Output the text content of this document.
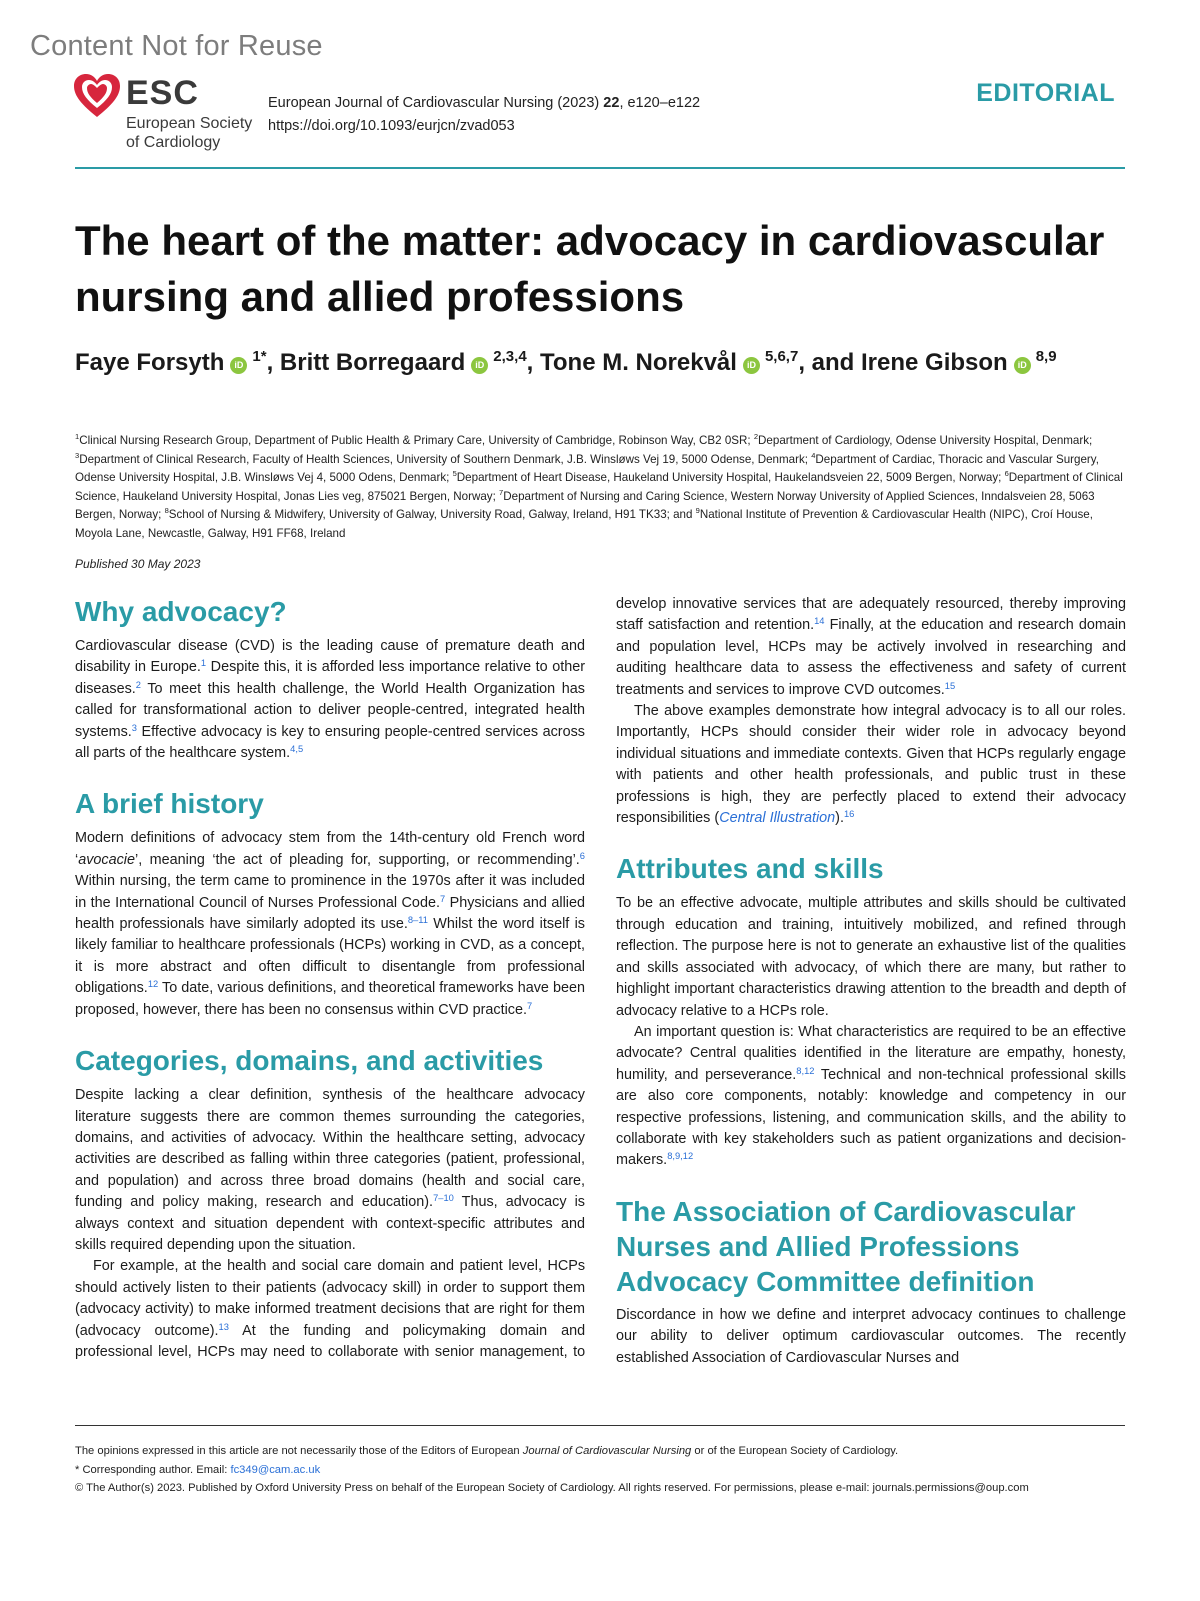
Content Not for Reuse
ESC
European Society
of Cardiology
European Journal of Cardiovascular Nursing (2023) 22, e120–e122
https://doi.org/10.1093/eurjcn/zvad053
EDITORIAL
The heart of the matter: advocacy in cardiovascular nursing and allied professions
Faye Forsyth iD $^{1*}$, Britt Borregaard iD $^{2,3,4}$, Tone M. Norekvål iD $^{5,6,7}$, and Irene Gibson iD $^{8,9}$

$^1$Clinical Nursing Research Group, Department of Public Health & Primary Care, University of Cambridge, Robinson Way, CB2 0SR; $^2$Department of Cardiology, Odense University Hospital, Denmark; $^3$Department of Clinical Research, Faculty of Health Sciences, University of Southern Denmark, J.B. Winsløws Vej 19, 5000 Odense, Denmark; $^4$Department of Cardiac, Thoracic and Vascular Surgery, Odense University Hospital, J.B. Winsløws Vej 4, 5000 Odens, Denmark; $^5$Department of Heart Disease, Haukeland University Hospital, Haukelandsveien 22, 5009 Bergen, Norway; $^6$Department of Clinical Science, Haukeland University Hospital, Jonas Lies veg, 875021 Bergen, Norway; $^7$Department of Nursing and Caring Science, Western Norway University of Applied Sciences, Inndalsveien 28, 5063 Bergen, Norway; $^8$School of Nursing & Midwifery, University of Galway, University Road, Galway, Ireland, H91 TK33; and $^9$National Institute of Prevention & Cardiovascular Health (NIPC), Croí House, Moyola Lane, Newcastle, Galway, H91 FF68, Ireland

Published 30 May 2023
Why advocacy?

Cardiovascular disease (CVD) is the leading cause of premature death and disability in Europe.$^1$ Despite this, it is afforded less importance relative to other diseases.$^2$ To meet this health challenge, the World Health Organization has called for transformational action to deliver people-centred, integrated health systems.$^3$ Effective advocacy is key to ensuring people-centred services across all parts of the healthcare system.$^{4,5}$

A brief history

Modern definitions of advocacy stem from the 14th-century old French word ‘avocacie’, meaning ‘the act of pleading for, supporting, or recommending’.$^6$ Within nursing, the term came to prominence in the 1970s after it was included in the International Council of Nurses Professional Code.$^7$ Physicians and allied health professionals have similarly adopted its use.$^{8-11}$ Whilst the word itself is likely familiar to healthcare professionals (HCPs) working in CVD, as a concept, it is more abstract and often difficult to disentangle from professional obligations.$^{12}$ To date, various definitions, and theoretical frameworks have been proposed, however, there has been no consensus within CVD practice.$^7$

Categories, domains, and activities

Despite lacking a clear definition, synthesis of the healthcare advocacy literature suggests there are common themes surrounding the categories, domains, and activities of advocacy. Within the healthcare setting, advocacy activities are described as falling within three categories (patient, professional, and population) and across three broad domains (health and social care, funding and policy making, research and education).$^{7-10}$ Thus, advocacy is always context and situation dependent with context-specific attributes and skills required depending upon the situation.

For example, at the health and social care domain and patient level, HCPs should actively listen to their patients (advocacy skill) in order to support them (advocacy activity) to make informed treatment decisions that are right for them (advocacy outcome).$^{13}$ At the funding and policymaking domain and professional level, HCPs may need to collaborate with senior management, to

develop innovative services that are adequately resourced, thereby improving staff satisfaction and retention.$^{14}$ Finally, at the education and research domain and population level, HCPs may be actively involved in researching and auditing healthcare data to assess the effectiveness and safety of current treatments and services to improve CVD outcomes.$^{15}$

The above examples demonstrate how integral advocacy is to all our roles. Importantly, HCPs should consider their wider role in advocacy beyond individual situations and immediate contexts. Given that HCPs regularly engage with patients and other health professionals, and public trust in these professions is high, they are perfectly placed to extend their advocacy responsibilities (Central Illustration).$^{16}$

Attributes and skills

To be an effective advocate, multiple attributes and skills should be cultivated through education and training, intuitively mobilized, and refined through reflection. The purpose here is not to generate an exhaustive list of the qualities and skills associated with advocacy, of which there are many, but rather to highlight important characteristics drawing attention to the breadth and depth of advocacy relative to a HCPs role.

An important question is: What characteristics are required to be an effective advocate? Central qualities identified in the literature are empathy, honesty, humility, and perseverance.$^{8,12}$ Technical and non-technical professional skills are also core components, notably: knowledge and competency in our respective professions, listening, and communication skills, and the ability to collaborate with key stakeholders such as patient organizations and decision-makers.$^{8,9,12}$

The Association of Cardiovascular Nurses and Allied Professions Advocacy Committee definition

Discordance in how we define and interpret advocacy continues to challenge our ability to deliver optimum cardiovascular outcomes. The recently established Association of Cardiovascular Nurses and

The opinions expressed in this article are not necessarily those of the Editors of European Journal of Cardiovascular Nursing or of the European Society of Cardiology.
* Corresponding author. Email: fc349@cam.ac.uk
© The Author(s) 2023. Published by Oxford University Press on behalf of the European Society of Cardiology. All rights reserved. For permissions, please e-mail: journals.permissions@oup.com
